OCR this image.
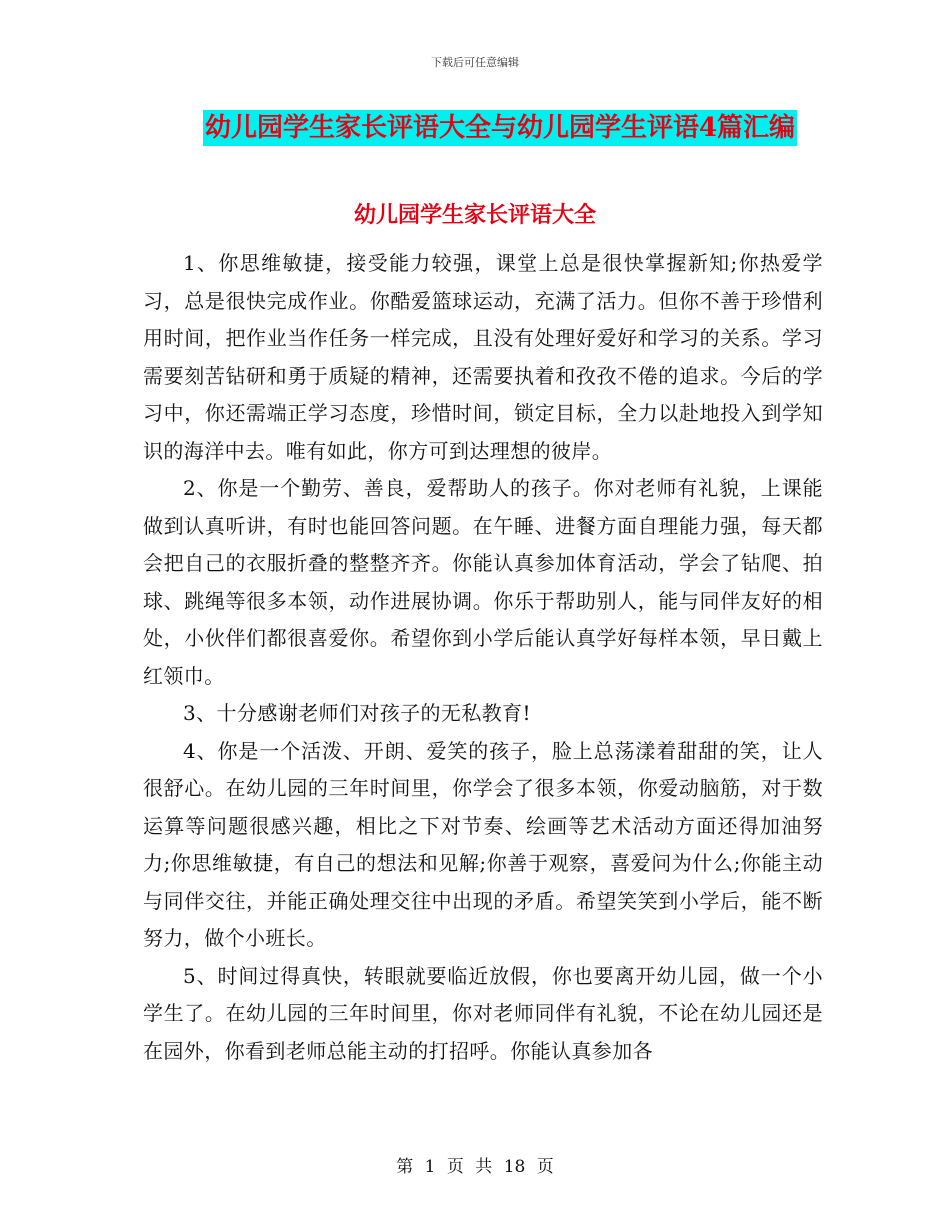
下载后可任意编辑
幼儿园学生家长评语大全与幼儿园学生评语4篇汇编
幼儿园学生家长评语大全

1、你思维敏捷，接受能力较强，课堂上总是很快掌握新知;你热爱学习，总是很快完成作业。你酷爱篮球运动，充满了活力。但你不善于珍惜利用时间，把作业当作任务一样完成，且没有处理好爱好和学习的关系。学习需要刻苦钻研和勇于质疑的精神，还需要执着和孜孜不倦的追求。今后的学习中，你还需端正学习态度，珍惜时间，锁定目标，全力以赴地投入到学知识的海洋中去。唯有如此，你方可到达理想的彼岸。

2、你是一个勤劳、善良，爱帮助人的孩子。你对老师有礼貌，上课能做到认真听讲，有时也能回答问题。在午睡、进餐方面自理能力强，每天都会把自己的衣服折叠的整整齐齐。你能认真参加体育活动，学会了钻爬、拍球、跳绳等很多本领，动作进展协调。你乐于帮助别人，能与同伴友好的相处，小伙伴们都很喜爱你。希望你到小学后能认真学好每样本领，早日戴上红领巾。

3、十分感谢老师们对孩子的无私教育!

4、你是一个活泼、开朗、爱笑的孩子，脸上总荡漾着甜甜的笑，让人很舒心。在幼儿园的三年时间里，你学会了很多本领，你爱动脑筋，对于数运算等问题很感兴趣，相比之下对节奏、绘画等艺术活动方面还得加油努力;你思维敏捷，有自己的想法和见解;你善于观察，喜爱问为什么;你能主动与同伴交往，并能正确处理交往中出现的矛盾。希望笑笑到小学后，能不断努力，做个小班长。

5、时间过得真快，转眼就要临近放假，你也要离开幼儿园，做一个小学生了。在幼儿园的三年时间里，你对老师同伴有礼貌，不论在幼儿园还是在园外，你看到老师总能主动的打招呼。你能认真参加各

第 1 页 共 18 页
